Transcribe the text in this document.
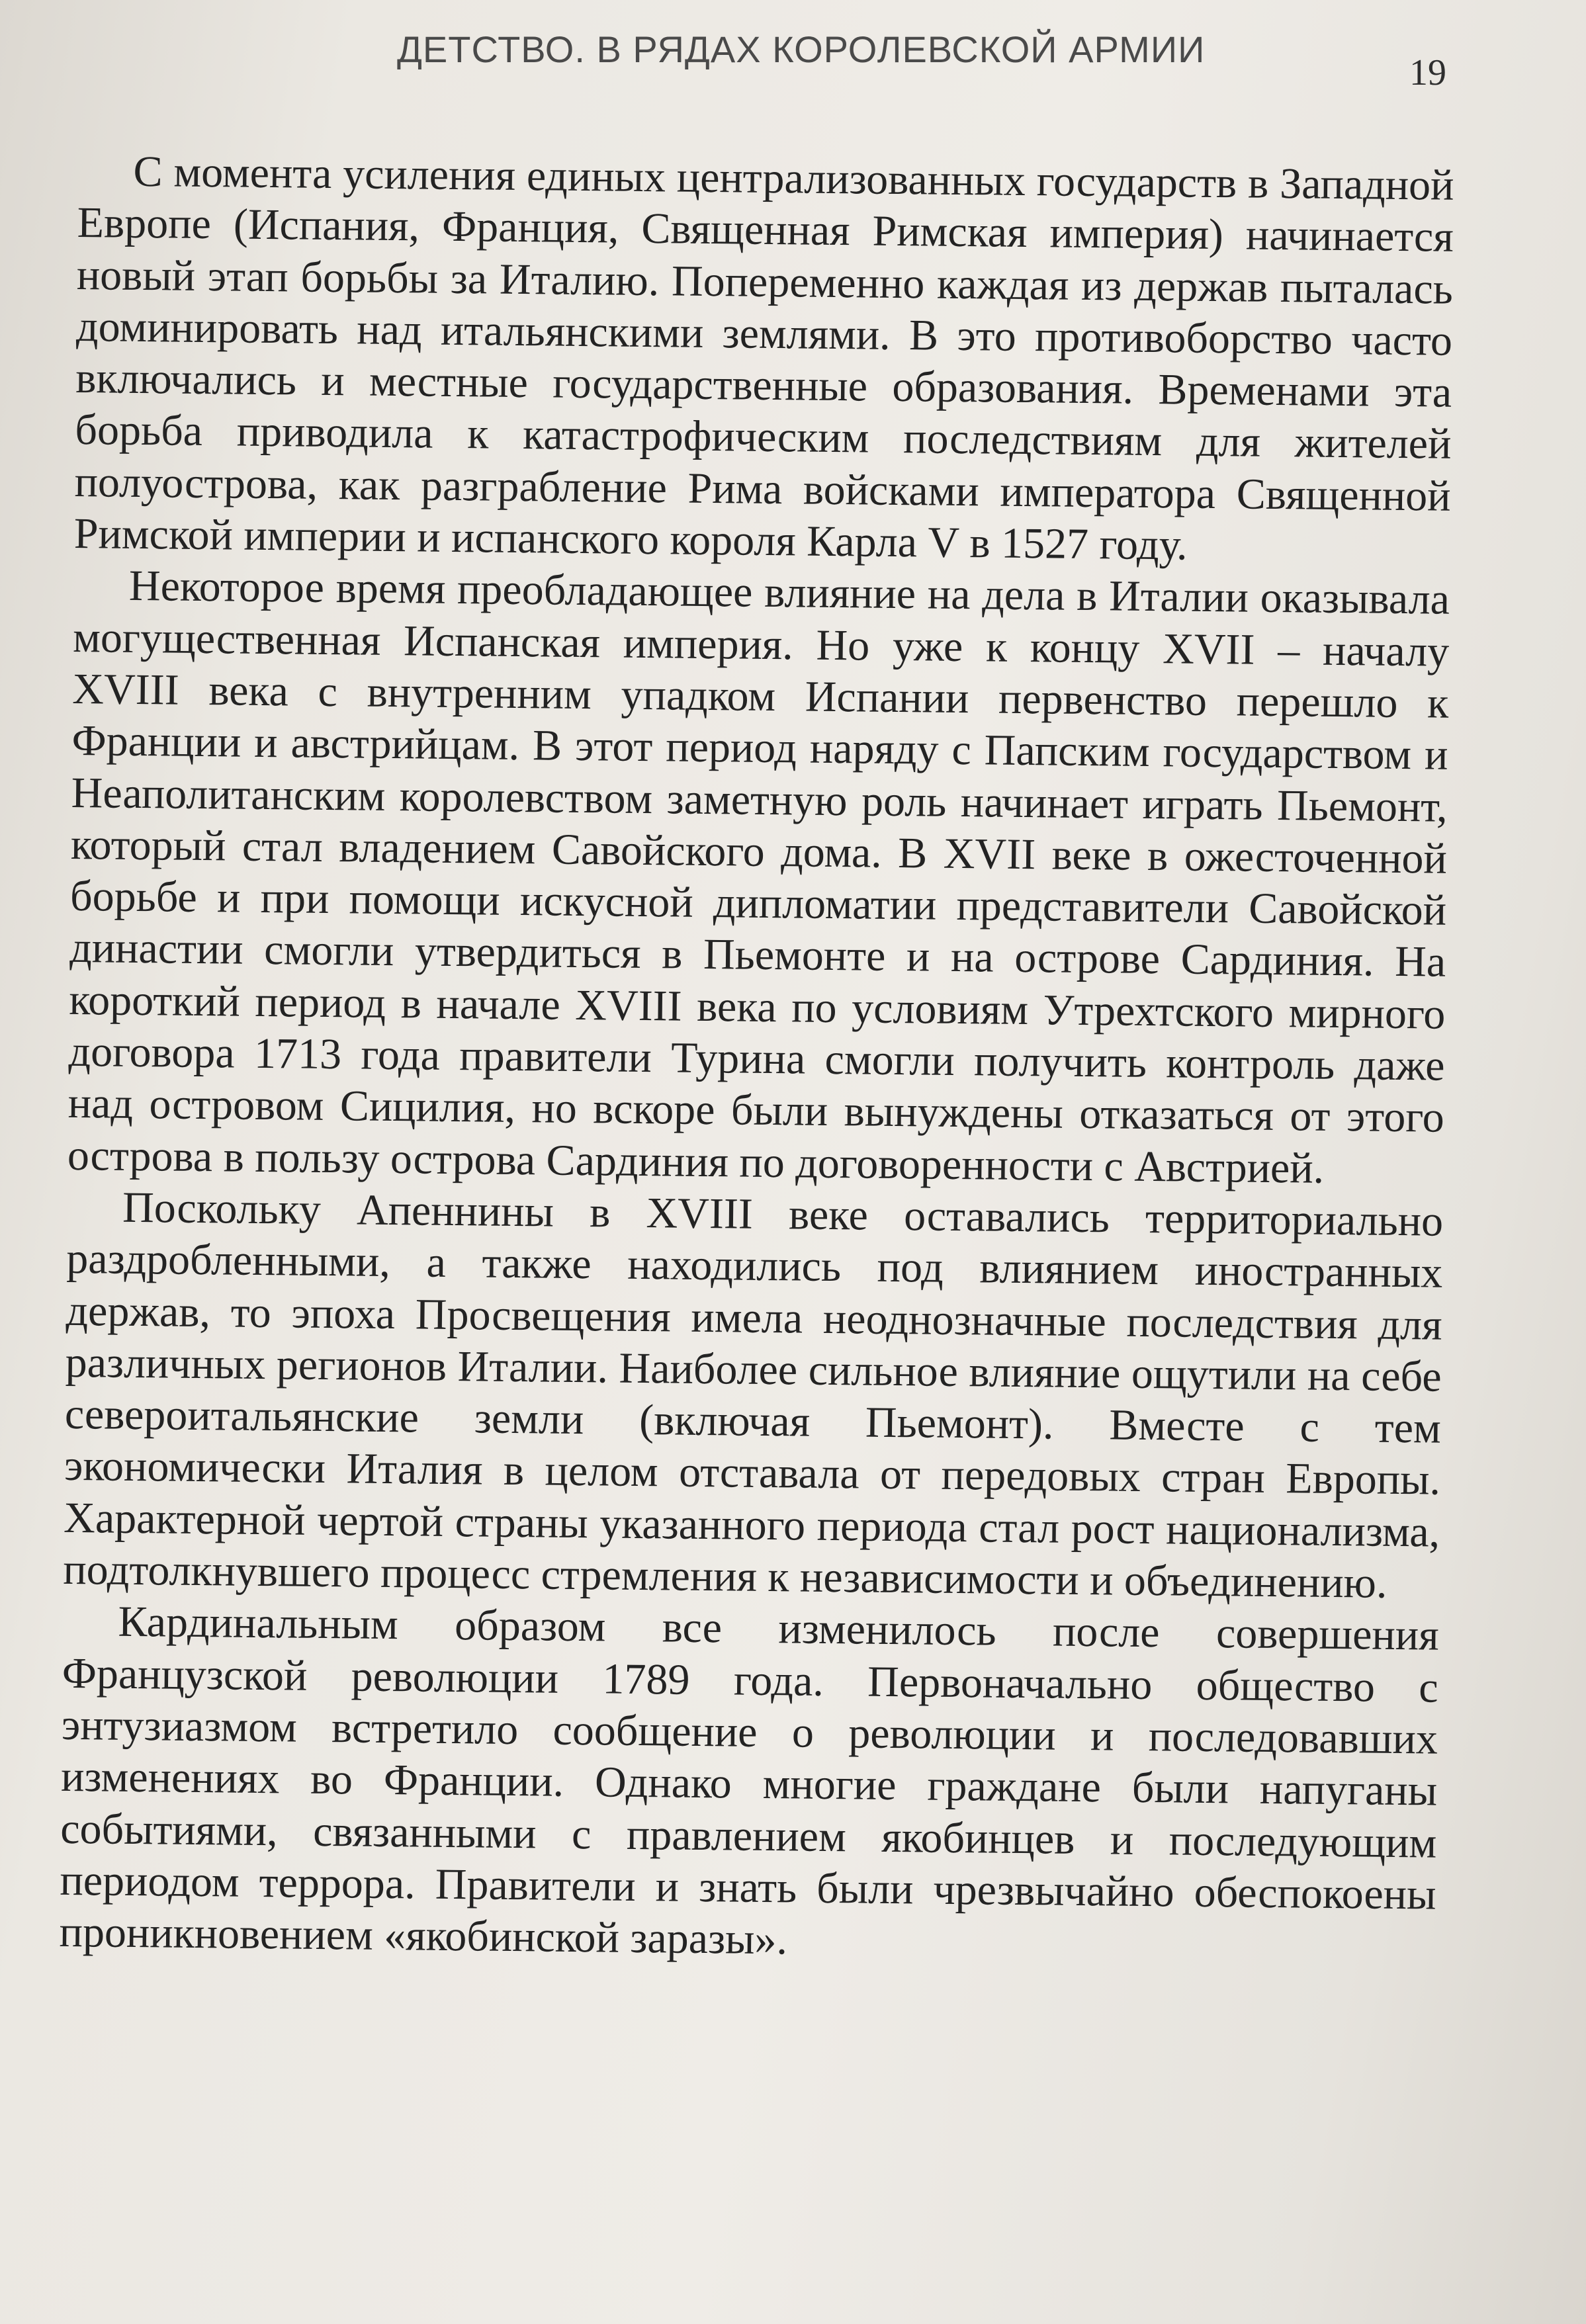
ДЕТСТВО. В РЯДАХ КОРОЛЕВСКОЙ АРМИИ
19

С момента усиления единых централизованных государств в Западной Европе (Испания, Франция, Священная Римская империя) начинается новый этап борьбы за Италию. Попеременно каждая из держав пыталась доминировать над итальянскими землями. В это противоборство часто включались и местные государственные образования. Временами эта борьба приводила к катастрофическим последствиям для жителей полуострова, как разграбление Рима войсками императора Священной Римской империи и испанского короля Карла V в 1527 году.

Некоторое время преобладающее влияние на дела в Италии оказывала могущественная Испанская империя. Но уже к концу XVII – началу XVIII века с внутренним упадком Испании первенство перешло к Франции и австрийцам. В этот период наряду с Папским государством и Неаполитанским королевством заметную роль начинает играть Пьемонт, который стал владением Савойского дома. В XVII веке в ожесточенной борьбе и при помощи искусной дипломатии представители Савойской династии смогли утвердиться в Пьемонте и на острове Сардиния. На короткий период в начале XVIII века по условиям Утрехтского мирного договора 1713 года правители Турина смогли получить контроль даже над островом Сицилия, но вскоре были вынуждены отказаться от этого острова в пользу острова Сардиния по договоренности с Австрией.

Поскольку Апеннины в XVIII веке оставались территориально раздробленными, а также находились под влиянием иностранных держав, то эпоха Просвещения имела неоднозначные последствия для различных регионов Италии. Наиболее сильное влияние ощутили на себе североитальянские земли (включая Пьемонт). Вместе с тем экономически Италия в целом отставала от передовых стран Европы. Характерной чертой страны указанного периода стал рост национализма, подтолкнувшего процесс стремления к независимости и объединению.

Кардинальным образом все изменилось после совершения Французской революции 1789 года. Первоначально общество с энтузиазмом встретило сообщение о революции и последовавших изменениях во Франции. Однако многие граждане были напуганы событиями, связанными с правлением якобинцев и последующим периодом террора. Правители и знать были чрезвычайно обеспокоены проникновением «якобинской заразы».
